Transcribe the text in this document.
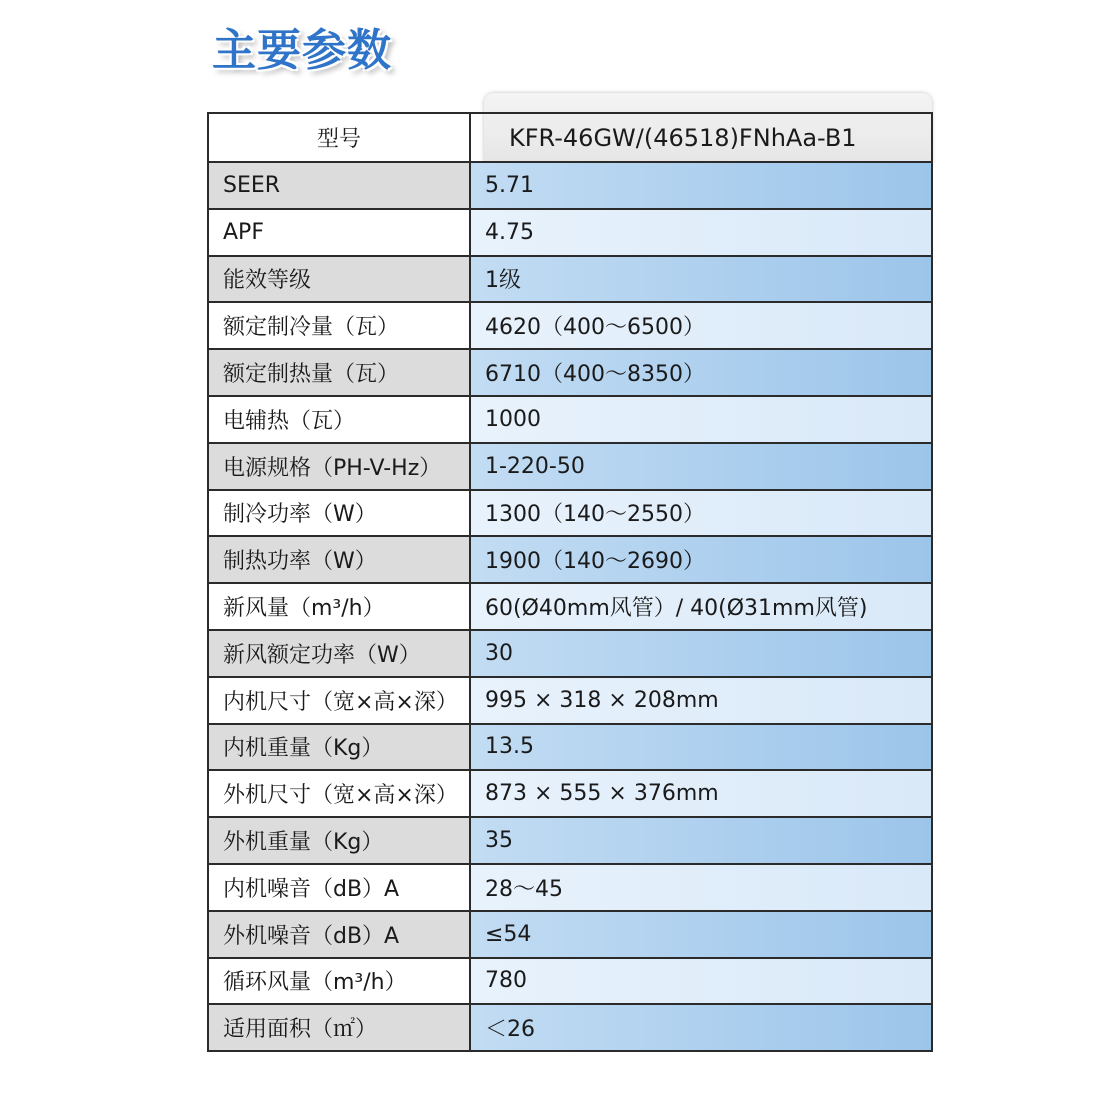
主要参数
型号	KFR-46GW/(46518)FNhAa-B1
SEER	5.71
APF	4.75
能效等级	1级
额定制冷量（瓦）	4620（400～6500）
额定制热量（瓦）	6710（400～8350）
电辅热（瓦）	1000
电源规格（PH-V-Hz）	1-220-50
制冷功率（W）	1300（140～2550）
制热功率（W）	1900（140～2690）
新风量（m³/h）	60(Ø40mm风管）/ 40(Ø31mm风管)
新风额定功率（W）	30
内机尺寸（宽×高×深）	995 × 318 × 208mm
内机重量（Kg）	13.5
外机尺寸（宽×高×深）	873 × 555 × 376mm
外机重量（Kg）	35
内机噪音（dB）A	28～45
外机噪音（dB）A	≤54
循环风量（m³/h）	780
适用面积（㎡）	＜26
